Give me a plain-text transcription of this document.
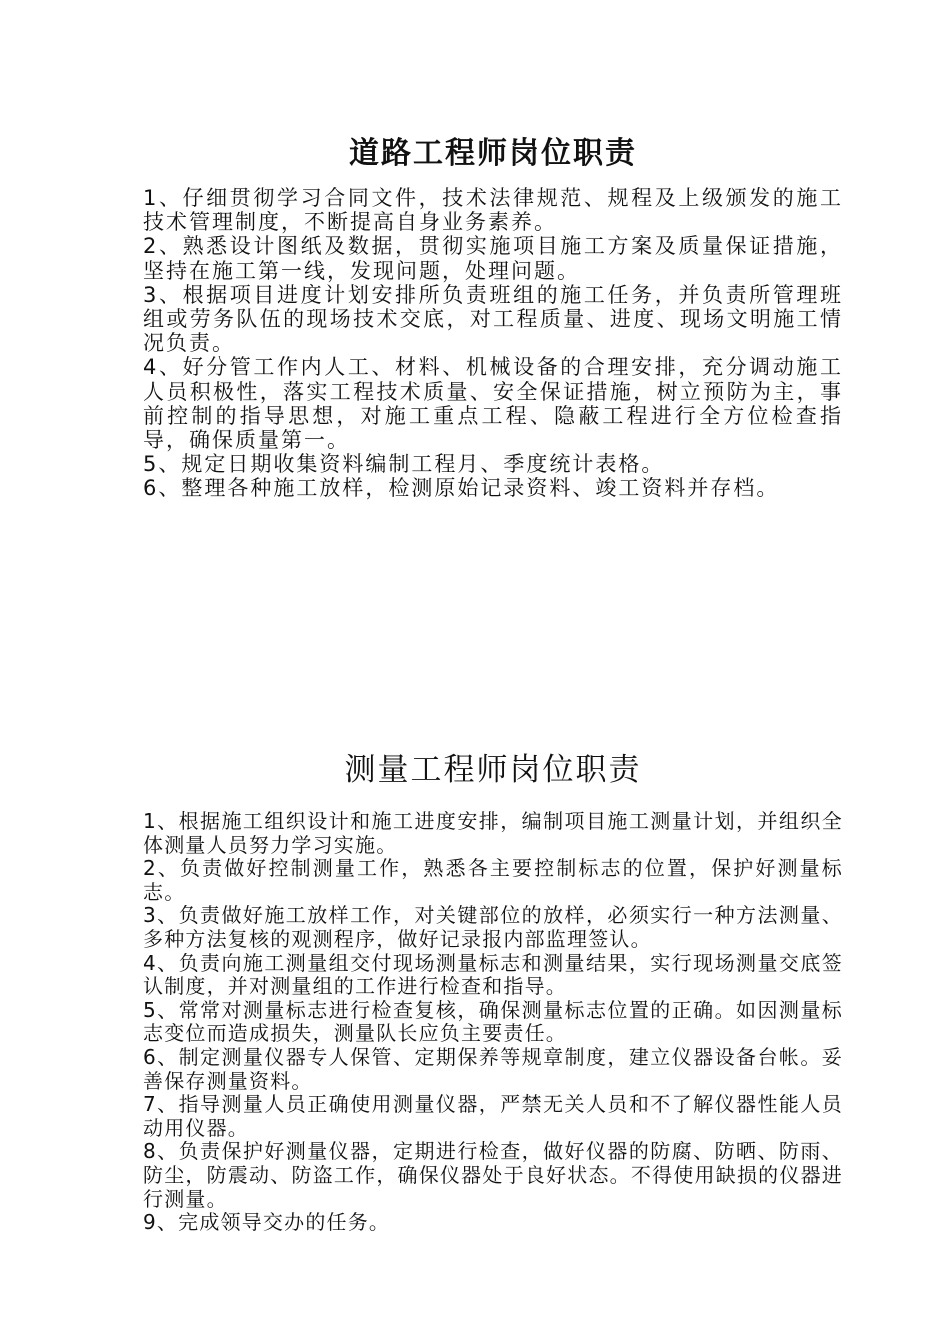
道路工程师岗位职责
1、仔细贯彻学习合同文件，技术法律规范、规程及上级颁发的施工技术管理制度，不断提高自身业务素养。
2、熟悉设计图纸及数据，贯彻实施项目施工方案及质量保证措施，坚持在施工第一线，发现问题，处理问题。
3、根据项目进度计划安排所负责班组的施工任务，并负责所管理班组或劳务队伍的现场技术交底，对工程质量、进度、现场文明施工情况负责。
4、好分管工作内人工、材料、机械设备的合理安排，充分调动施工人员积极性，落实工程技术质量、安全保证措施，树立预防为主，事前控制的指导思想，对施工重点工程、隐蔽工程进行全方位检查指导，确保质量第一。
5、规定日期收集资料编制工程月、季度统计表格。
6、整理各种施工放样，检测原始记录资料、竣工资料并存档。
测量工程师岗位职责
1、根据施工组织设计和施工进度安排，编制项目施工测量计划，并组织全体测量人员努力学习实施。
2、负责做好控制测量工作，熟悉各主要控制标志的位置，保护好测量标志。
3、负责做好施工放样工作，对关键部位的放样，必须实行一种方法测量、多种方法复核的观测程序，做好记录报内部监理签认。
4、负责向施工测量组交付现场测量标志和测量结果，实行现场测量交底签认制度，并对测量组的工作进行检查和指导。
5、常常对测量标志进行检查复核，确保测量标志位置的正确。如因测量标志变位而造成损失，测量队长应负主要责任。
6、制定测量仪器专人保管、定期保养等规章制度，建立仪器设备台帐。妥善保存测量资料。
7、指导测量人员正确使用测量仪器，严禁无关人员和不了解仪器性能人员动用仪器。
8、负责保护好测量仪器，定期进行检查，做好仪器的防腐、防晒、防雨、防尘，防震动、防盗工作，确保仪器处于良好状态。不得使用缺损的仪器进行测量。
9、完成领导交办的任务。
